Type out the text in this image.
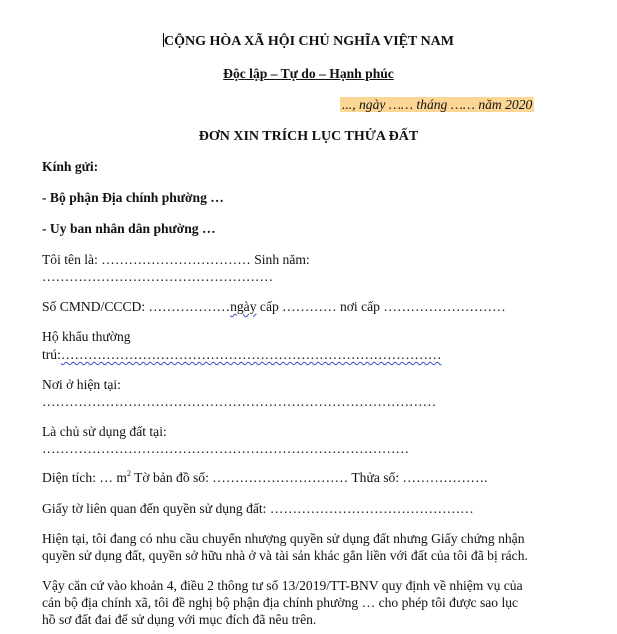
CỘNG HÒA XÃ HỘI CHỦ NGHĨA VIỆT NAM
Độc lập – Tự do – Hạnh phúc
..., ngày …… tháng …… năm 2020
ĐƠN XIN TRÍCH LỤC THỬA ĐẤT
Kính gửi:
- Bộ phận Địa chính phường …
- Uy ban nhân dân phường …
Tôi tên là: …………………………… Sinh năm:
……………………………………………
Số CMND/CCCD: ………………ngày cấp ………… nơi cấp ………………………
Hộ khẩu thường
trú:…………………………………………………………………………
Nơi ở hiện tại:
……………………………………………………………………………
Là chủ sử dụng đất tại:
………………………………………………………………………
Diện tích: … $m^2$ Tờ bản đồ số: ………………………… Thửa số: ……………….
Giấy tờ liên quan đến quyền sử dụng đất: ………………………………………
Hiện tại, tôi đang có nhu cầu chuyển nhượng quyền sử dụng đất nhưng Giấy chứng nhận
quyền sử dụng đất, quyền sở hữu nhà ở và tài sản khác gắn liền với đất của tôi đã bị rách.
Vậy căn cứ vào khoản 4, điều 2 thông tư số 13/2019/TT-BNV quy định về nhiệm vụ của
cán bộ địa chính xã, tôi đề nghị bộ phận địa chính phường … cho phép tôi được sao lục
hồ sơ đất đai để sử dụng với mục đích đã nêu trên.
